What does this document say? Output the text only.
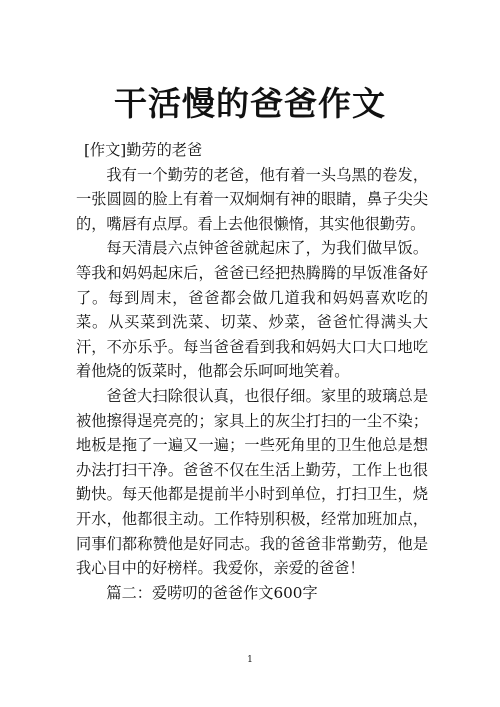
干活慢的爸爸作文

[作文]勤劳的老爸

我有一个勤劳的老爸，他有着一头乌黑的卷发，一张圆圆的脸上有着一双炯炯有神的眼睛，鼻子尖尖的，嘴唇有点厚。看上去他很懒惰，其实他很勤劳。

每天清晨六点钟爸爸就起床了，为我们做早饭。等我和妈妈起床后，爸爸已经把热腾腾的早饭准备好了。每到周末，爸爸都会做几道我和妈妈喜欢吃的菜。从买菜到洗菜、切菜、炒菜，爸爸忙得满头大汗，不亦乐乎。每当爸爸看到我和妈妈大口大口地吃着他烧的饭菜时，他都会乐呵呵地笑着。

爸爸大扫除很认真，也很仔细。家里的玻璃总是被他擦得逞亮亮的；家具上的灰尘打扫的一尘不染；地板是拖了一遍又一遍；一些死角里的卫生他总是想办法打扫干净。爸爸不仅在生活上勤劳，工作上也很勤快。每天他都是提前半小时到单位，打扫卫生，烧开水，他都很主动。工作特别积极，经常加班加点，同事们都称赞他是好同志。我的爸爸非常勤劳，他是我心目中的好榜样。我爱你，亲爱的爸爸！

篇二：爱唠叨的爸爸作文600字

1
